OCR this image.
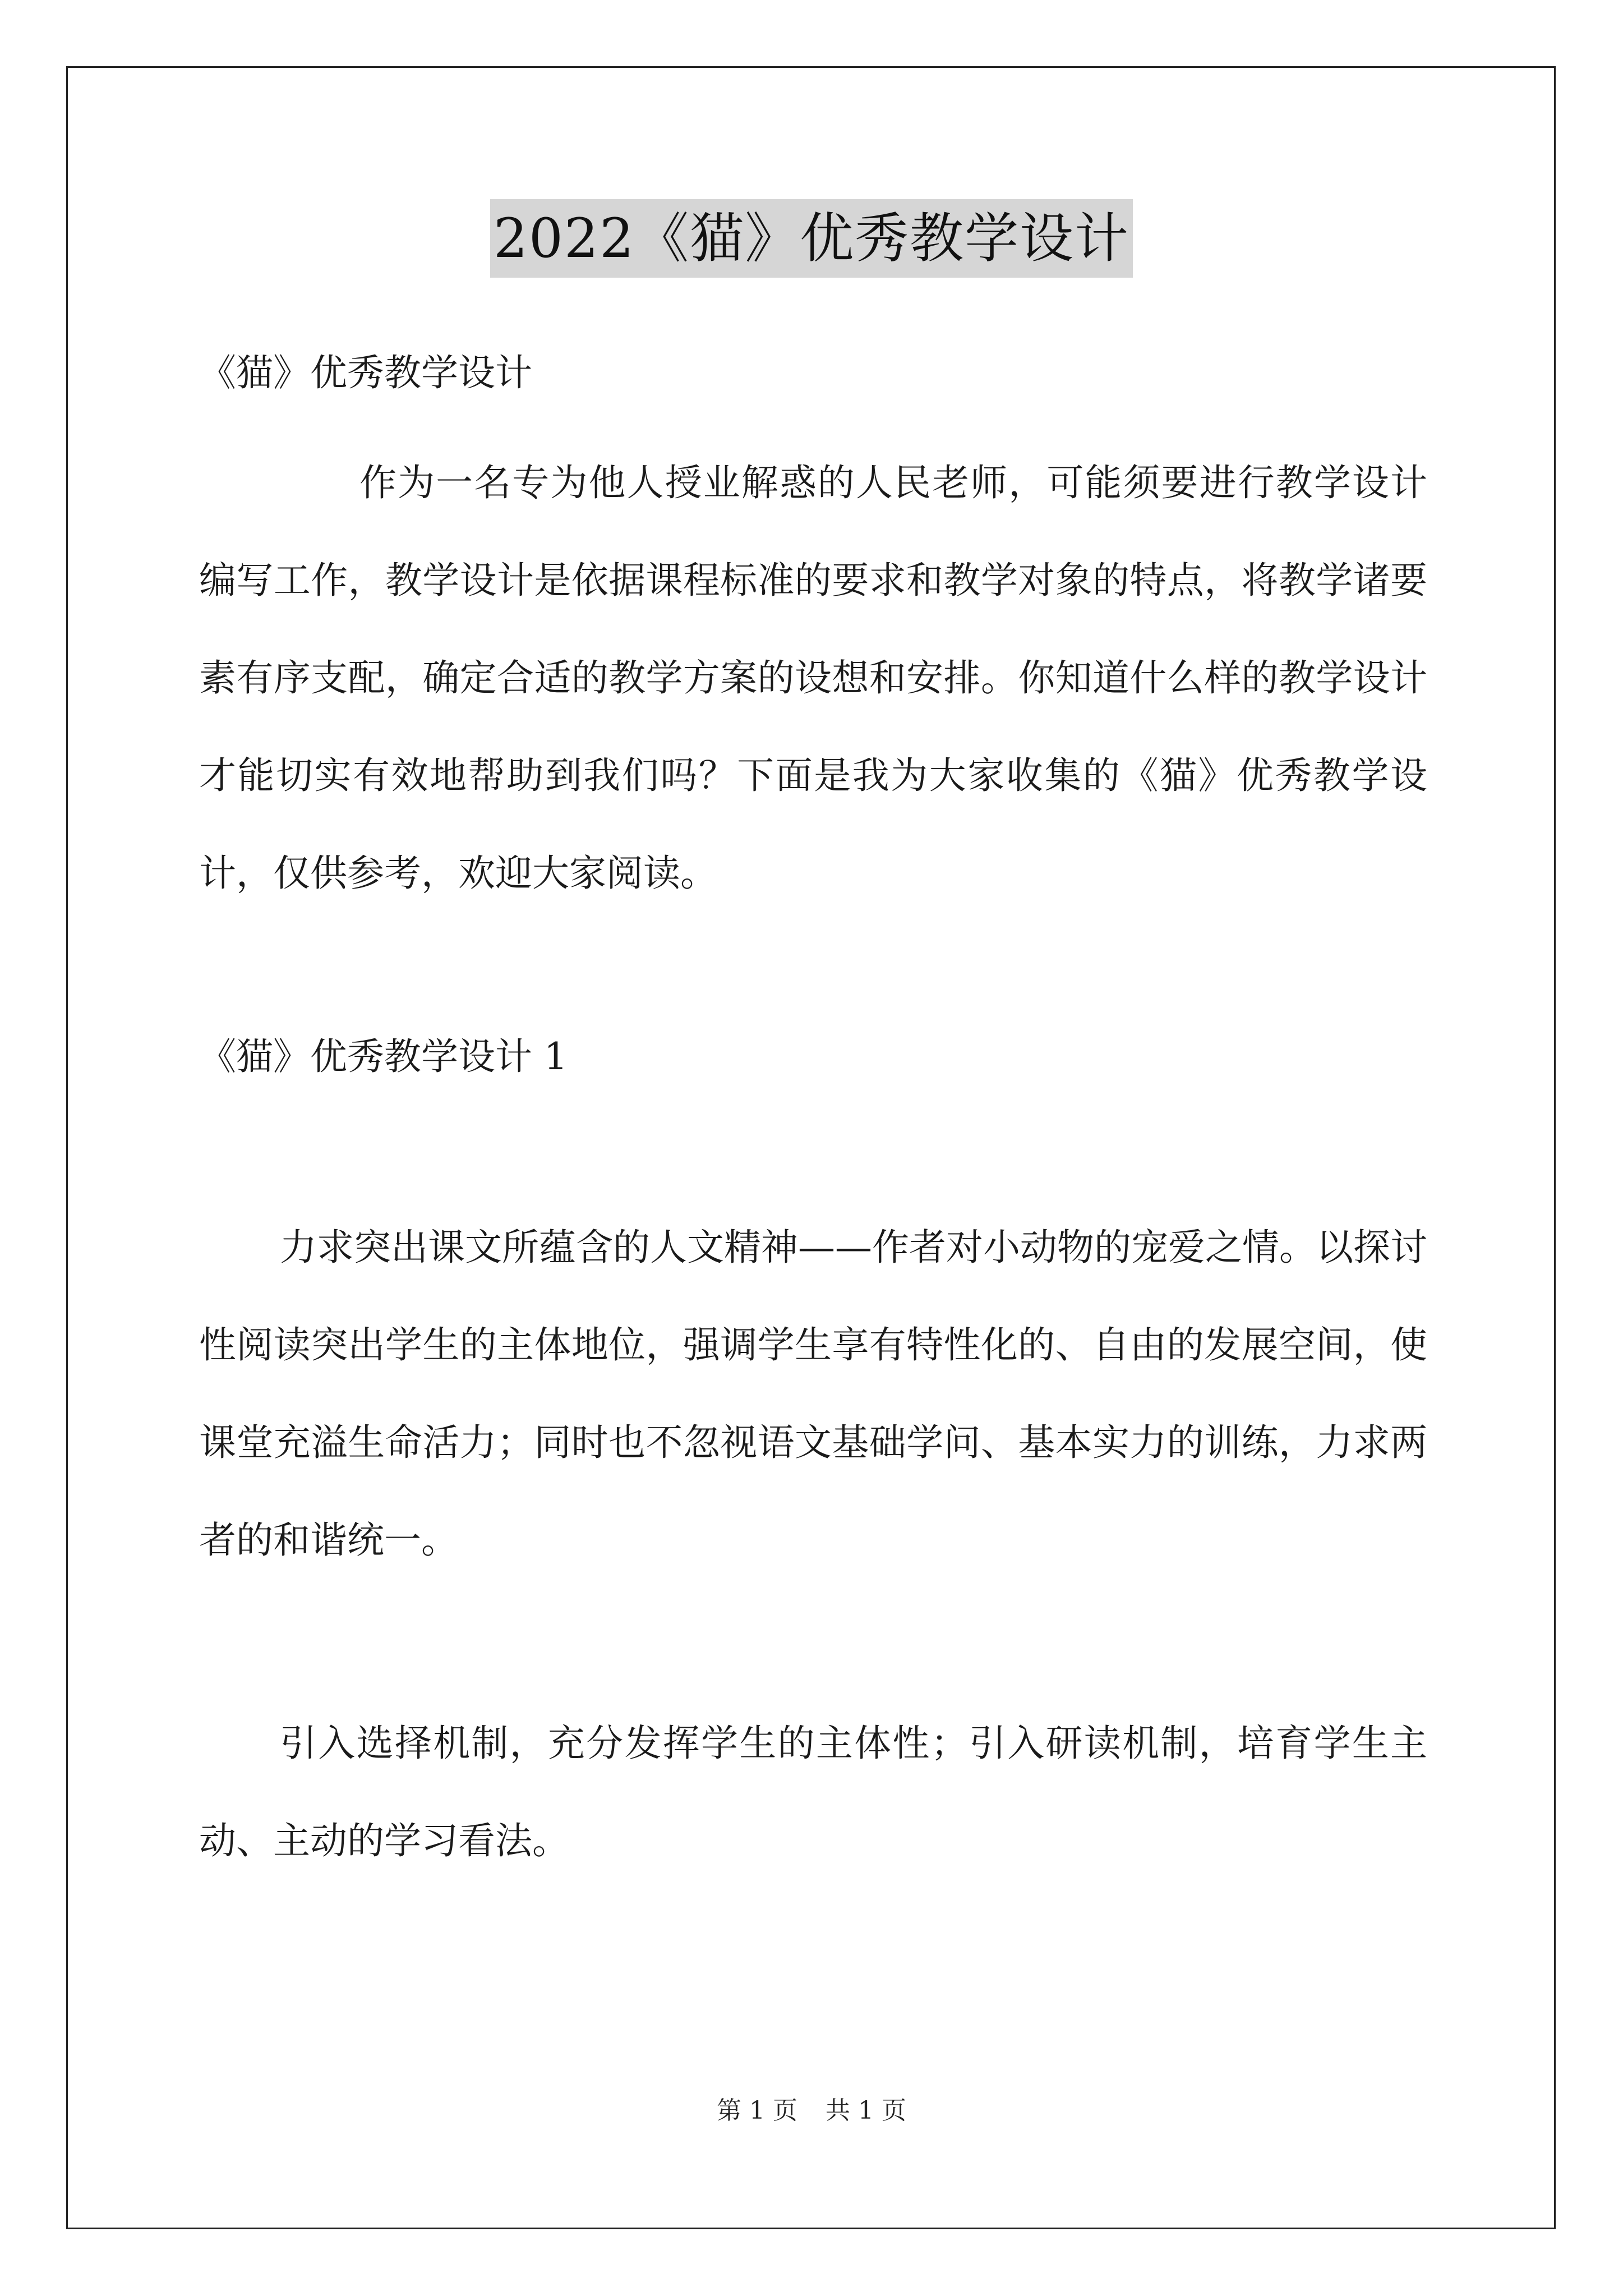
2022《猫》优秀教学设计

《猫》优秀教学设计

作为一名专为他人授业解惑的人民老师，可能须要进行教学设计编写工作，教学设计是依据课程标准的要求和教学对象的特点，将教学诸要素有序支配，确定合适的教学方案的设想和安排。你知道什么样的教学设计才能切实有效地帮助到我们吗？下面是我为大家收集的《猫》优秀教学设计，仅供参考，欢迎大家阅读。

《猫》优秀教学设计 1

力求突出课文所蕴含的人文精神——作者对小动物的宠爱之情。以探讨性阅读突出学生的主体地位，强调学生享有特性化的、自由的发展空间，使课堂充溢生命活力；同时也不忽视语文基础学问、基本实力的训练，力求两者的和谐统一。

引入选择机制，充分发挥学生的主体性；引入研读机制，培育学生主动、主动的学习看法。

第 1 页 共 1 页
